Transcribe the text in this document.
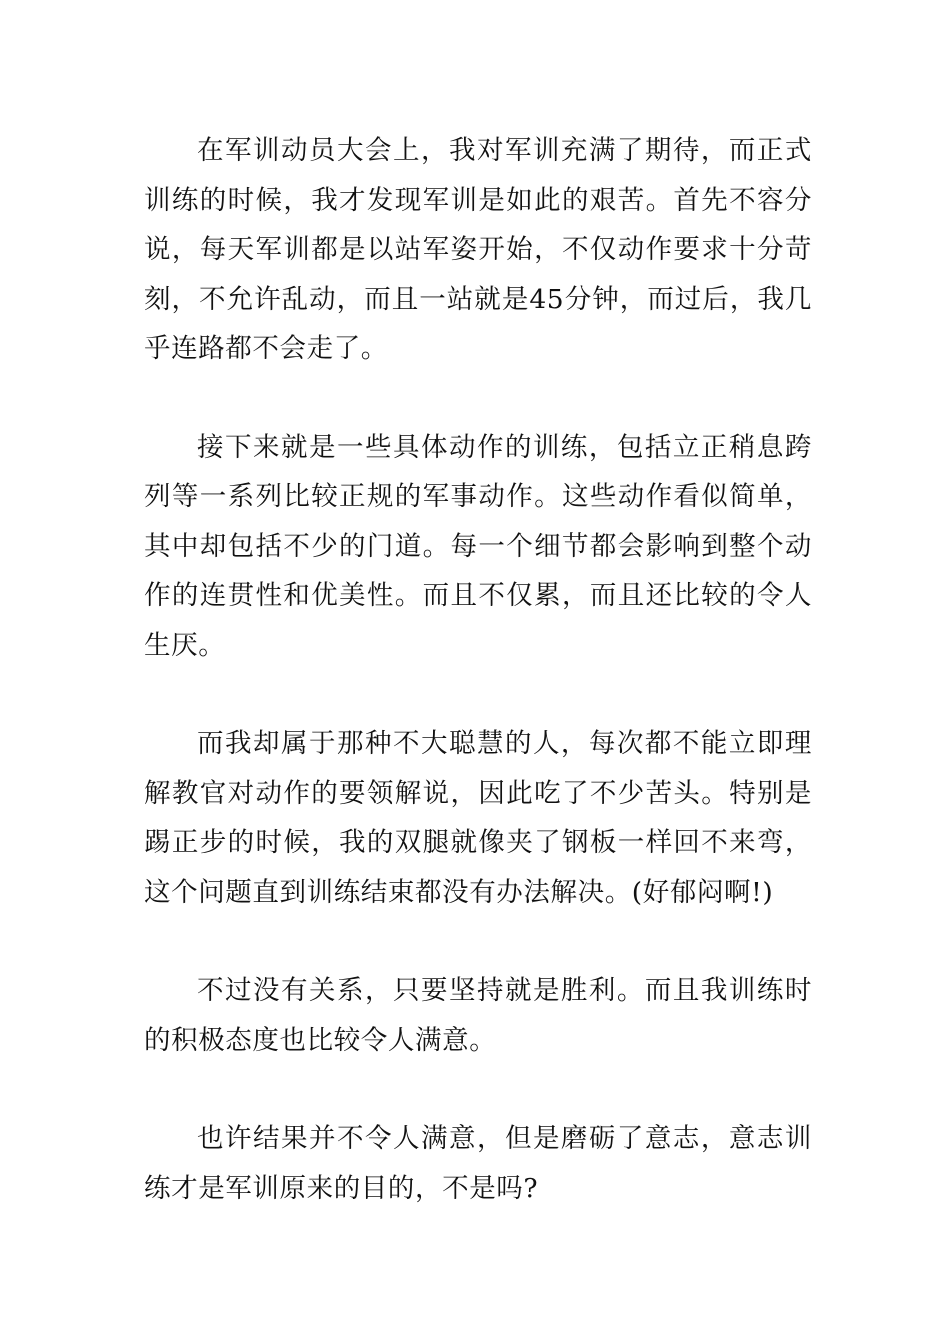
在军训动员大会上，我对军训充满了期待，而正式训练的时候，我才发现军训是如此的艰苦。首先不容分说，每天军训都是以站军姿开始，不仅动作要求十分苛刻，不允许乱动，而且一站就是45分钟，而过后，我几乎连路都不会走了。

接下来就是一些具体动作的训练，包括立正稍息跨列等一系列比较正规的军事动作。这些动作看似简单，其中却包括不少的门道。每一个细节都会影响到整个动作的连贯性和优美性。而且不仅累，而且还比较的令人生厌。

而我却属于那种不大聪慧的人，每次都不能立即理解教官对动作的要领解说，因此吃了不少苦头。特别是踢正步的时候，我的双腿就像夹了钢板一样回不来弯，这个问题直到训练结束都没有办法解决。(好郁闷啊!)

不过没有关系，只要坚持就是胜利。而且我训练时的积极态度也比较令人满意。

也许结果并不令人满意，但是磨砺了意志，意志训练才是军训原来的目的，不是吗?
